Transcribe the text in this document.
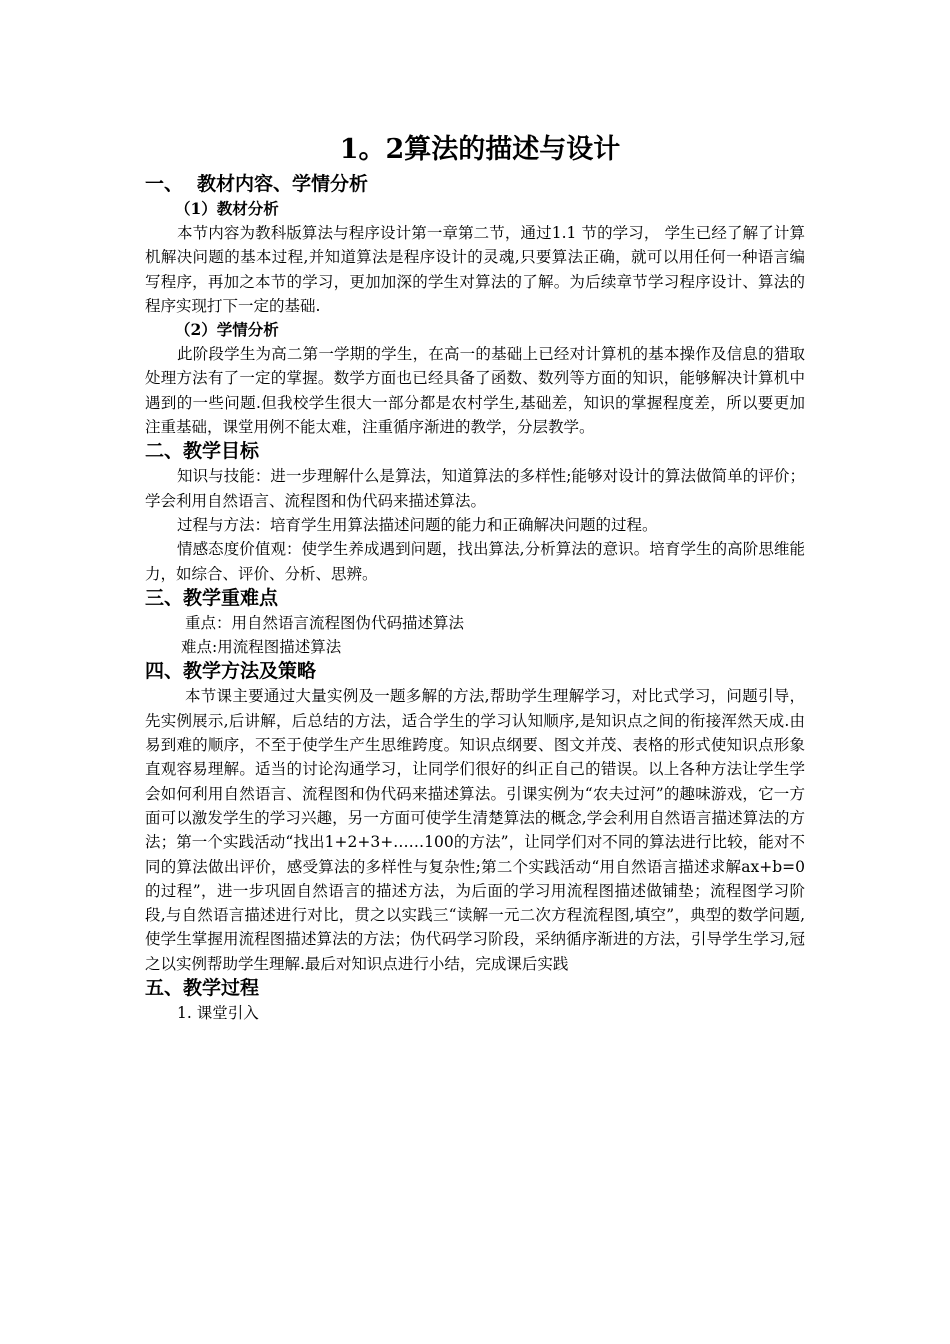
1。2算法的描述与设计
一、 教材内容、学情分析
（1）教材分析

本节内容为教科版算法与程序设计第一章第二节，通过1.1 节的学习， 学生已经了解了计算机解决问题的基本过程,并知道算法是程序设计的灵魂,只要算法正确，就可以用任何一种语言编写程序，再加之本节的学习，更加加深的学生对算法的了解。为后续章节学习程序设计、算法的程序实现打下一定的基础.

（2）学情分析

此阶段学生为高二第一学期的学生，在高一的基础上已经对计算机的基本操作及信息的猎取处理方法有了一定的掌握。数学方面也已经具备了函数、数列等方面的知识，能够解决计算机中遇到的一些问题.但我校学生很大一部分都是农村学生,基础差，知识的掌握程度差，所以要更加注重基础，课堂用例不能太难，注重循序渐进的教学，分层教学。

二、教学目标

知识与技能：进一步理解什么是算法，知道算法的多样性;能够对设计的算法做简单的评价；学会利用自然语言、流程图和伪代码来描述算法。

过程与方法：培育学生用算法描述问题的能力和正确解决问题的过程。

情感态度价值观：使学生养成遇到问题，找出算法,分析算法的意识。培育学生的高阶思维能力，如综合、评价、分析、思辨。

三、教学重难点

重点：用自然语言流程图伪代码描述算法

难点:用流程图描述算法

四、教学方法及策略

本节课主要通过大量实例及一题多解的方法,帮助学生理解学习，对比式学习，问题引导，先实例展示,后讲解，后总结的方法，适合学生的学习认知顺序,是知识点之间的衔接浑然天成.由易到难的顺序，不至于使学生产生思维跨度。知识点纲要、图文并茂、表格的形式使知识点形象直观容易理解。适当的讨论沟通学习，让同学们很好的纠正自己的错误。以上各种方法让学生学会如何利用自然语言、流程图和伪代码来描述算法。引课实例为“农夫过河”的趣味游戏，它一方面可以激发学生的学习兴趣，另一方面可使学生清楚算法的概念,学会利用自然语言描述算法的方法；第一个实践活动“找出1+2+3+……100的方法”，让同学们对不同的算法进行比较，能对不同的算法做出评价，感受算法的多样性与复杂性;第二个实践活动“用自然语言描述求解ax+b=0的过程”，进一步巩固自然语言的描述方法，为后面的学习用流程图描述做铺垫；流程图学习阶段,与自然语言描述进行对比，贯之以实践三“读解一元二次方程流程图,填空”，典型的数学问题,使学生掌握用流程图描述算法的方法；伪代码学习阶段，采纳循序渐进的方法，引导学生学习,冠之以实例帮助学生理解.最后对知识点进行小结，完成课后实践

五、教学过程

1. 课堂引入
